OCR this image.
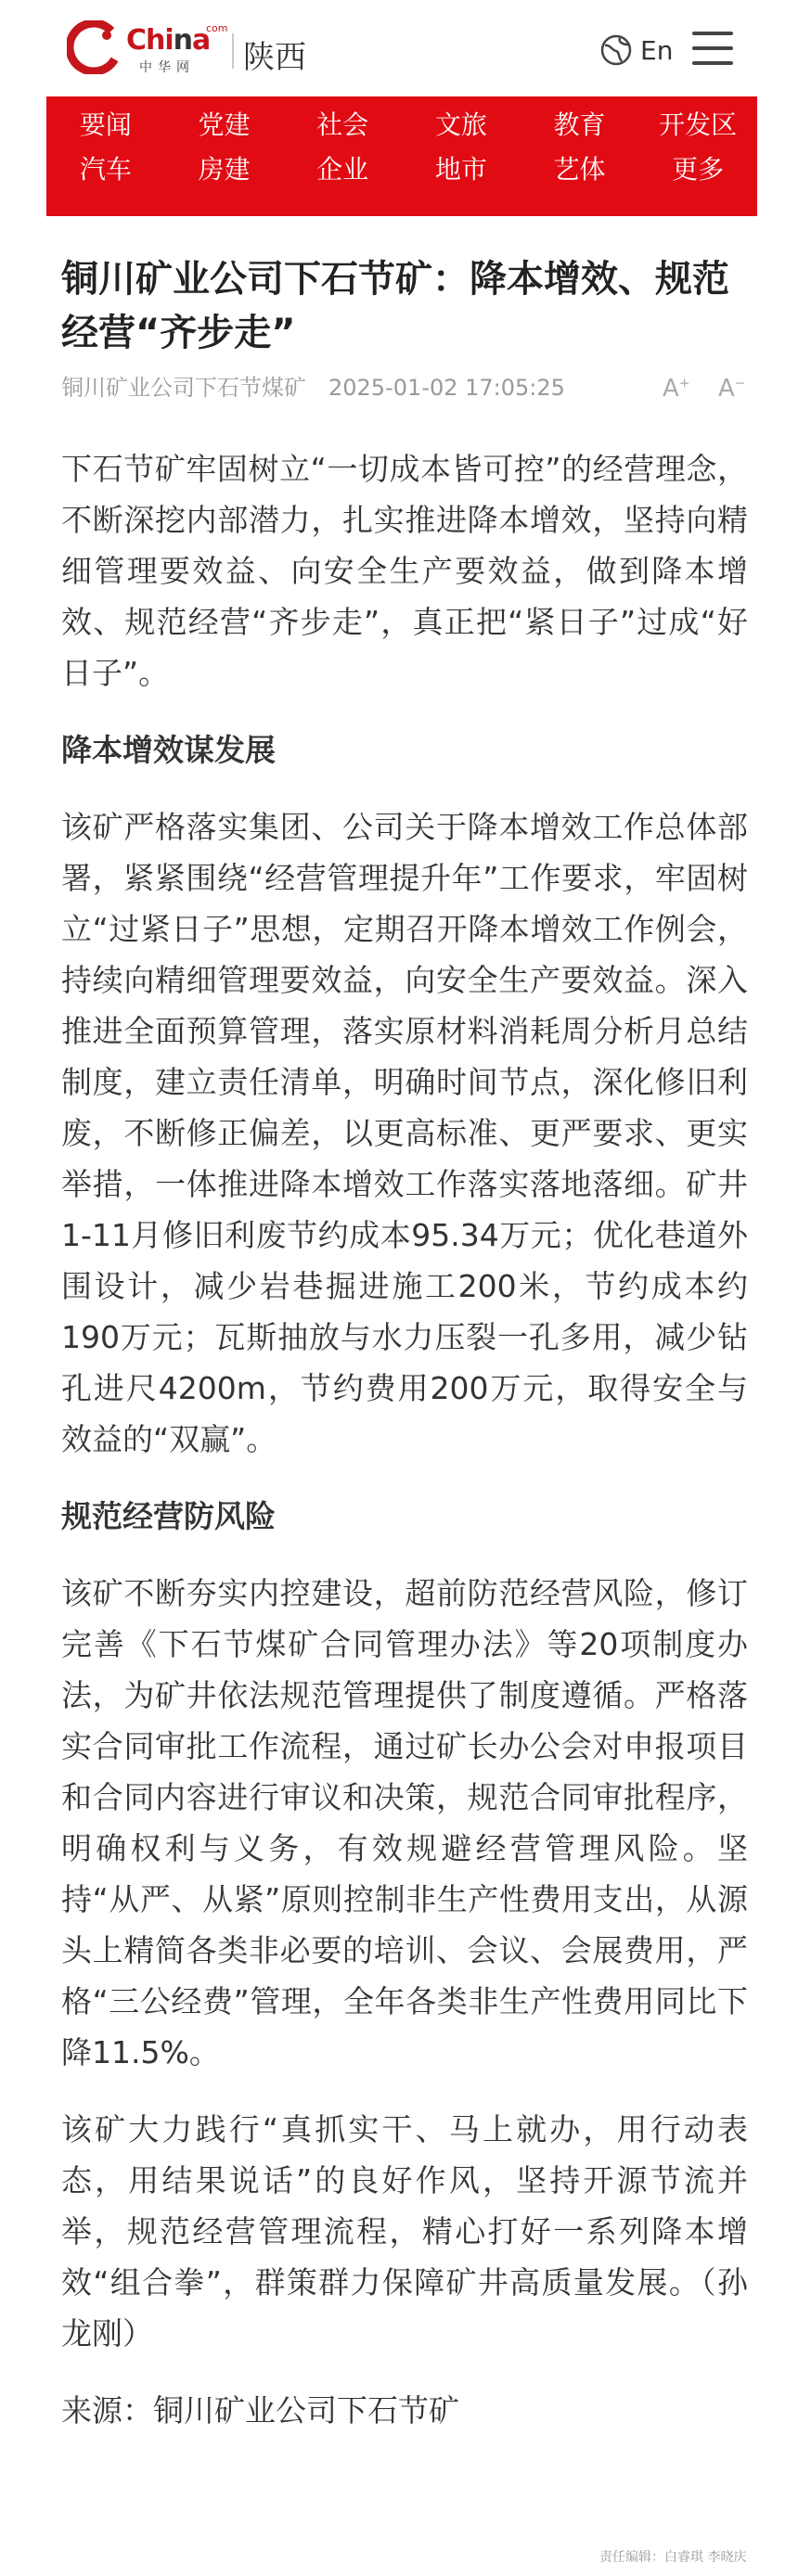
China
com
中华网 陕西	En
要闻	党建	社会	文旅	教育	开发区
汽车	房建	企业	地市	艺体	更多
铜川矿业公司下石节矿：降本增效、规范经营“齐步走”
铜川矿业公司下石节煤矿 2025-01-02 17:05:25	A+ A−

下石节矿牢固树立“一切成本皆可控”的经营理念，不断深挖内部潜力，扎实推进降本增效，坚持向精细管理要效益、向安全生产要效益，做到降本增效、规范经营“齐步走”，真正把“紧日子”过成“好日子”。

降本增效谋发展

该矿严格落实集团、公司关于降本增效工作总体部署，紧紧围绕“经营管理提升年”工作要求，牢固树立“过紧日子”思想，定期召开降本增效工作例会，持续向精细管理要效益，向安全生产要效益。深入推进全面预算管理，落实原材料消耗周分析月总结制度，建立责任清单，明确时间节点，深化修旧利废，不断修正偏差，以更高标准、更严要求、更实举措，一体推进降本增效工作落实落地落细。矿井1-11月修旧利废节约成本95.34万元；优化巷道外围设计，减少岩巷掘进施工200米，节约成本约190万元；瓦斯抽放与水力压裂一孔多用，减少钻孔进尺4200m，节约费用200万元，取得安全与效益的“双赢”。

规范经营防风险

该矿不断夯实内控建设，超前防范经营风险，修订完善《下石节煤矿合同管理办法》等20项制度办法，为矿井依法规范管理提供了制度遵循。严格落实合同审批工作流程，通过矿长办公会对申报项目和合同内容进行审议和决策，规范合同审批程序，明确权利与义务，有效规避经营管理风险。坚持“从严、从紧”原则控制非生产性费用支出，从源头上精简各类非必要的培训、会议、会展费用，严格“三公经费”管理，全年各类非生产性费用同比下降11.5%。

该矿大力践行“真抓实干、马上就办，用行动表态，用结果说话”的良好作风，坚持开源节流并举，规范经营管理流程，精心打好一系列降本增效“组合拳”，群策群力保障矿井高质量发展。（孙龙刚）

来源：铜川矿业公司下石节矿

责任编辑：白睿琪 李晓庆
